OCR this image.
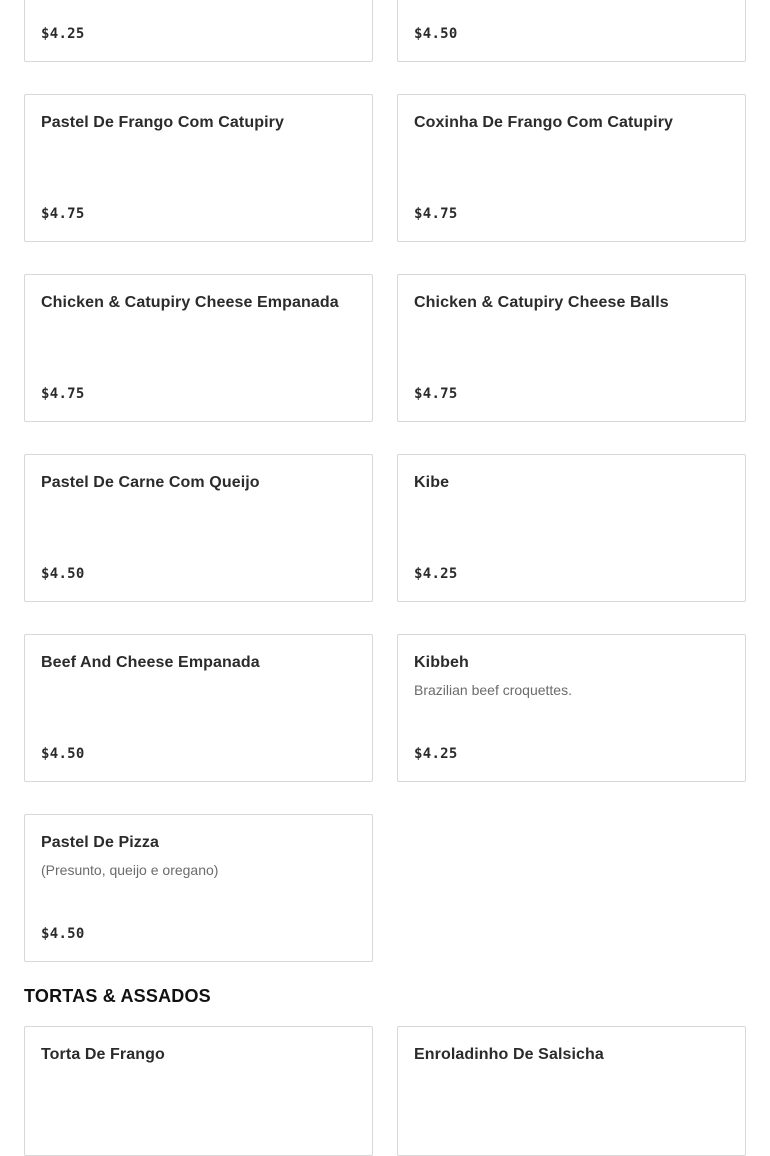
$4.25	$4.50
Pastel De Frango Com Catupiry
$4.75
Coxinha De Frango Com Catupiry
$4.75
Chicken & Catupiry Cheese Empanada
$4.75
Chicken & Catupiry Cheese Balls
$4.75
Pastel De Carne Com Queijo
$4.50
Kibe
$4.25
Beef And Cheese Empanada
$4.50
Kibbeh
Brazilian beef croquettes.
$4.25
Pastel De Pizza
(Presunto, queijo e oregano)
$4.50
TORTAS & ASSADOS
Torta De Frango	Enroladinho De Salsicha
